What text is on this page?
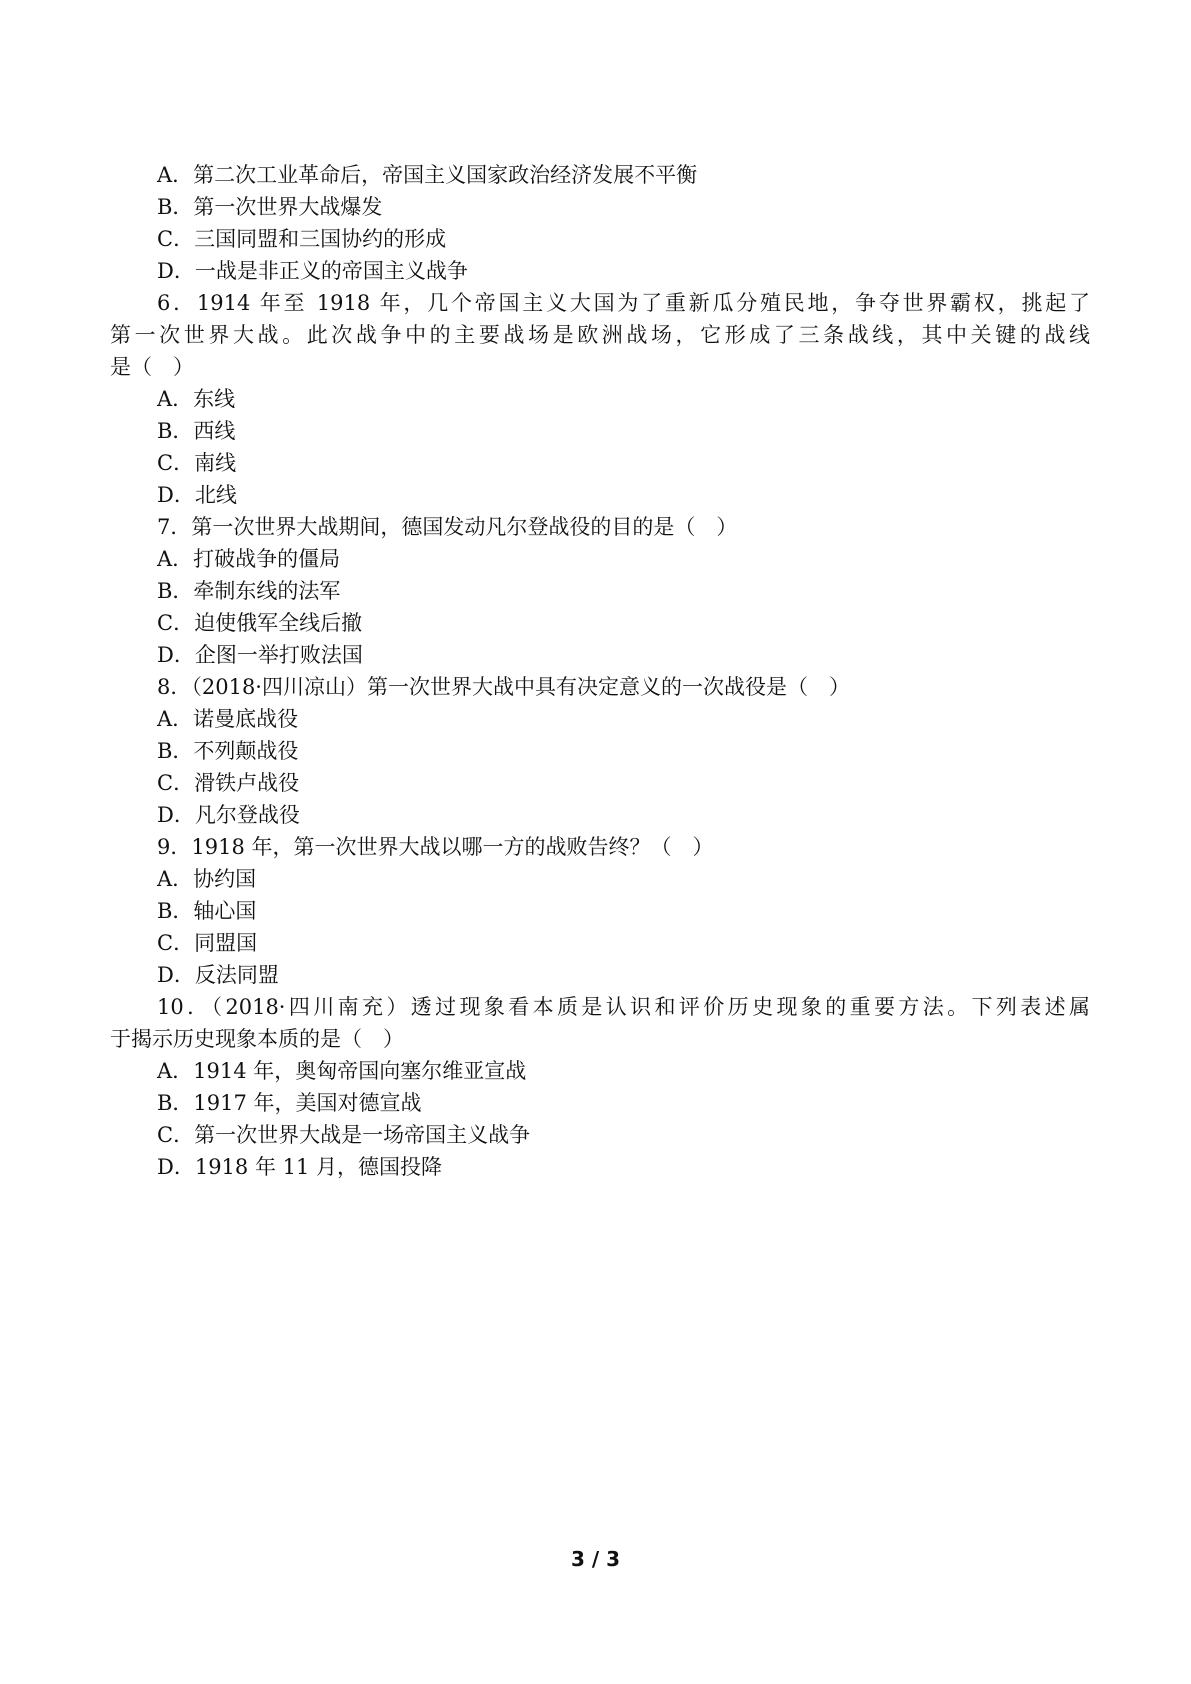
A．第二次工业革命后，帝国主义国家政治经济发展不平衡
B．第一次世界大战爆发
C．三国同盟和三国协约的形成
D．一战是非正义的帝国主义战争
6．1914 年至 1918 年，几个帝国主义大国为了重新瓜分殖民地，争夺世界霸权，挑起了
第一次世界大战。此次战争中的主要战场是欧洲战场，它形成了三条战线，其中关键的战线
是（　）
A．东线
B．西线
C．南线
D．北线
7．第一次世界大战期间，德国发动凡尔登战役的目的是（　）
A．打破战争的僵局
B．牵制东线的法军
C．迫使俄军全线后撤
D．企图一举打败法国
8．（2018·四川凉山）第一次世界大战中具有决定意义的一次战役是（　）
A．诺曼底战役
B．不列颠战役
C．滑铁卢战役
D．凡尔登战役
9．1918 年，第一次世界大战以哪一方的战败告终？（　）
A．协约国
B．轴心国
C．同盟国
D．反法同盟
10．（2018·四川南充）透过现象看本质是认识和评价历史现象的重要方法。下列表述属
于揭示历史现象本质的是（　）
A．1914 年，奥匈帝国向塞尔维亚宣战
B．1917 年，美国对德宣战
C．第一次世界大战是一场帝国主义战争
D．1918 年 11 月，德国投降
3 / 3
